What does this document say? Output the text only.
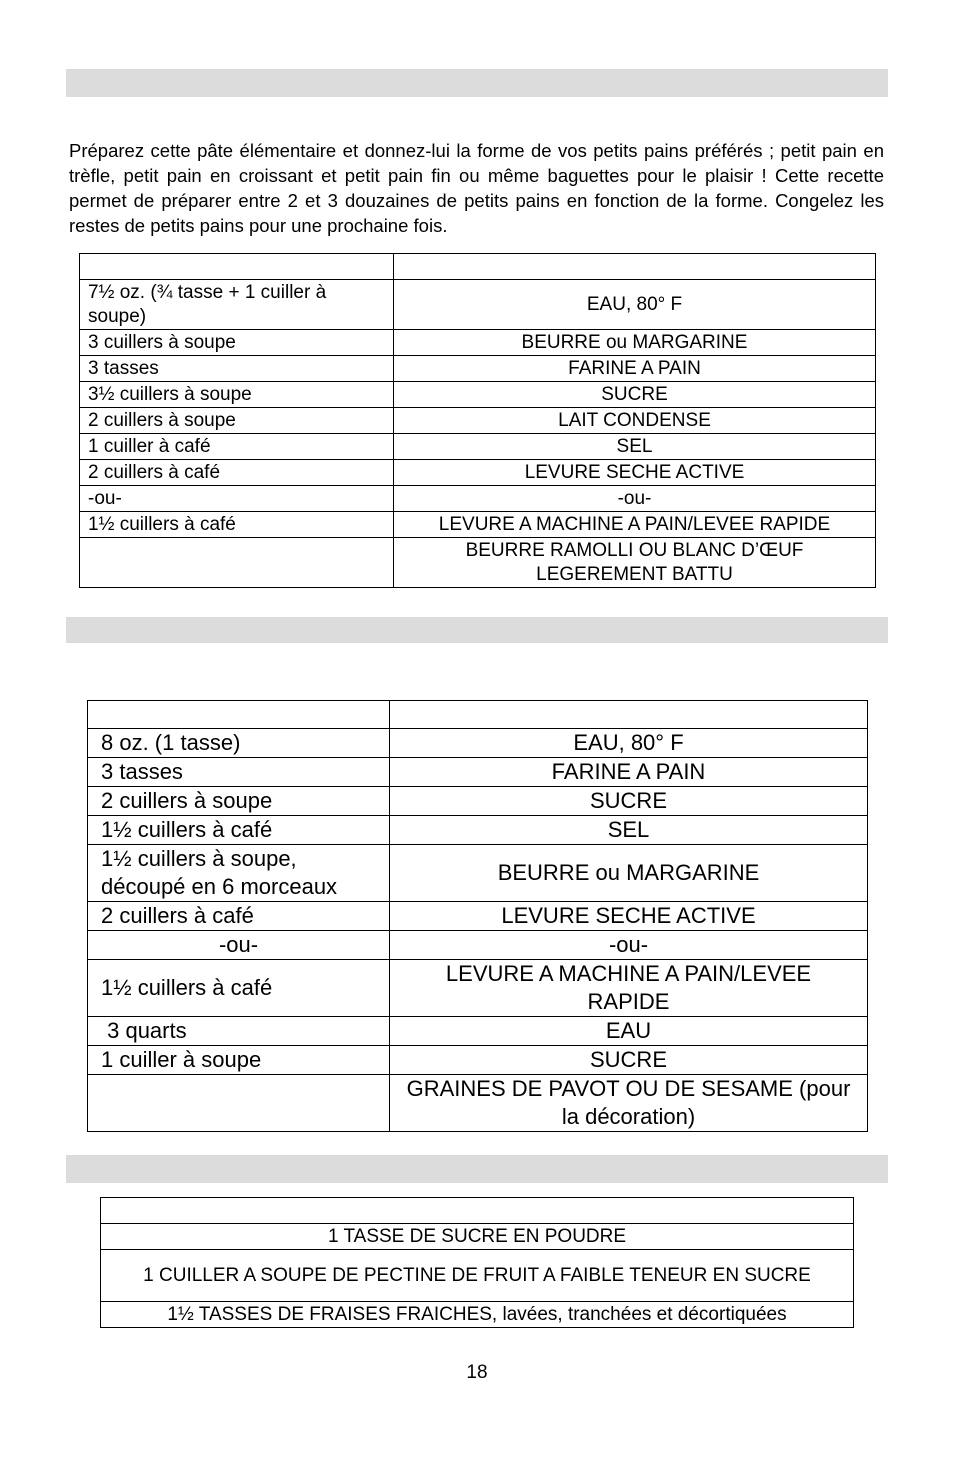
Préparez cette pâte élémentaire et donnez-lui la forme de vos petits pains préférés ; petit pain en trèfle, petit pain en croissant et petit pain fin ou même baguettes pour le plaisir ! Cette recette permet de préparer entre 2 et 3 douzaines de petits pains en fonction de la forme. Congelez les restes de petits pains pour une prochaine fois.

7½ oz. (¾ tasse + 1 cuiller à soupe)	EAU, 80° F
3 cuillers à soupe	BEURRE ou MARGARINE
3 tasses	FARINE A PAIN
3½ cuillers à soupe	SUCRE
2 cuillers à soupe	LAIT CONDENSE
1 cuiller à café	SEL
2 cuillers à café	LEVURE SECHE ACTIVE
-ou-	-ou-
1½ cuillers à café	LEVURE A MACHINE A PAIN/LEVEE RAPIDE
	BEURRE RAMOLLI OU BLANC D’ŒUF LEGEREMENT BATTU

8 oz. (1 tasse)	EAU, 80° F
3 tasses	FARINE A PAIN
2 cuillers à soupe	SUCRE
1½ cuillers à café	SEL
1½ cuillers à soupe, découpé en 6 morceaux	BEURRE ou MARGARINE
2 cuillers à café	LEVURE SECHE ACTIVE
-ou-	-ou-
1½ cuillers à café	LEVURE A MACHINE A PAIN/LEVEE RAPIDE
3 quarts	EAU
1 cuiller à soupe	SUCRE
	GRAINES DE PAVOT OU DE SESAME (pour la décoration)

1 TASSE DE SUCRE EN POUDRE
1 CUILLER A SOUPE DE PECTINE DE FRUIT A FAIBLE TENEUR EN SUCRE
1½ TASSES DE FRAISES FRAICHES, lavées, tranchées et décortiquées
18
